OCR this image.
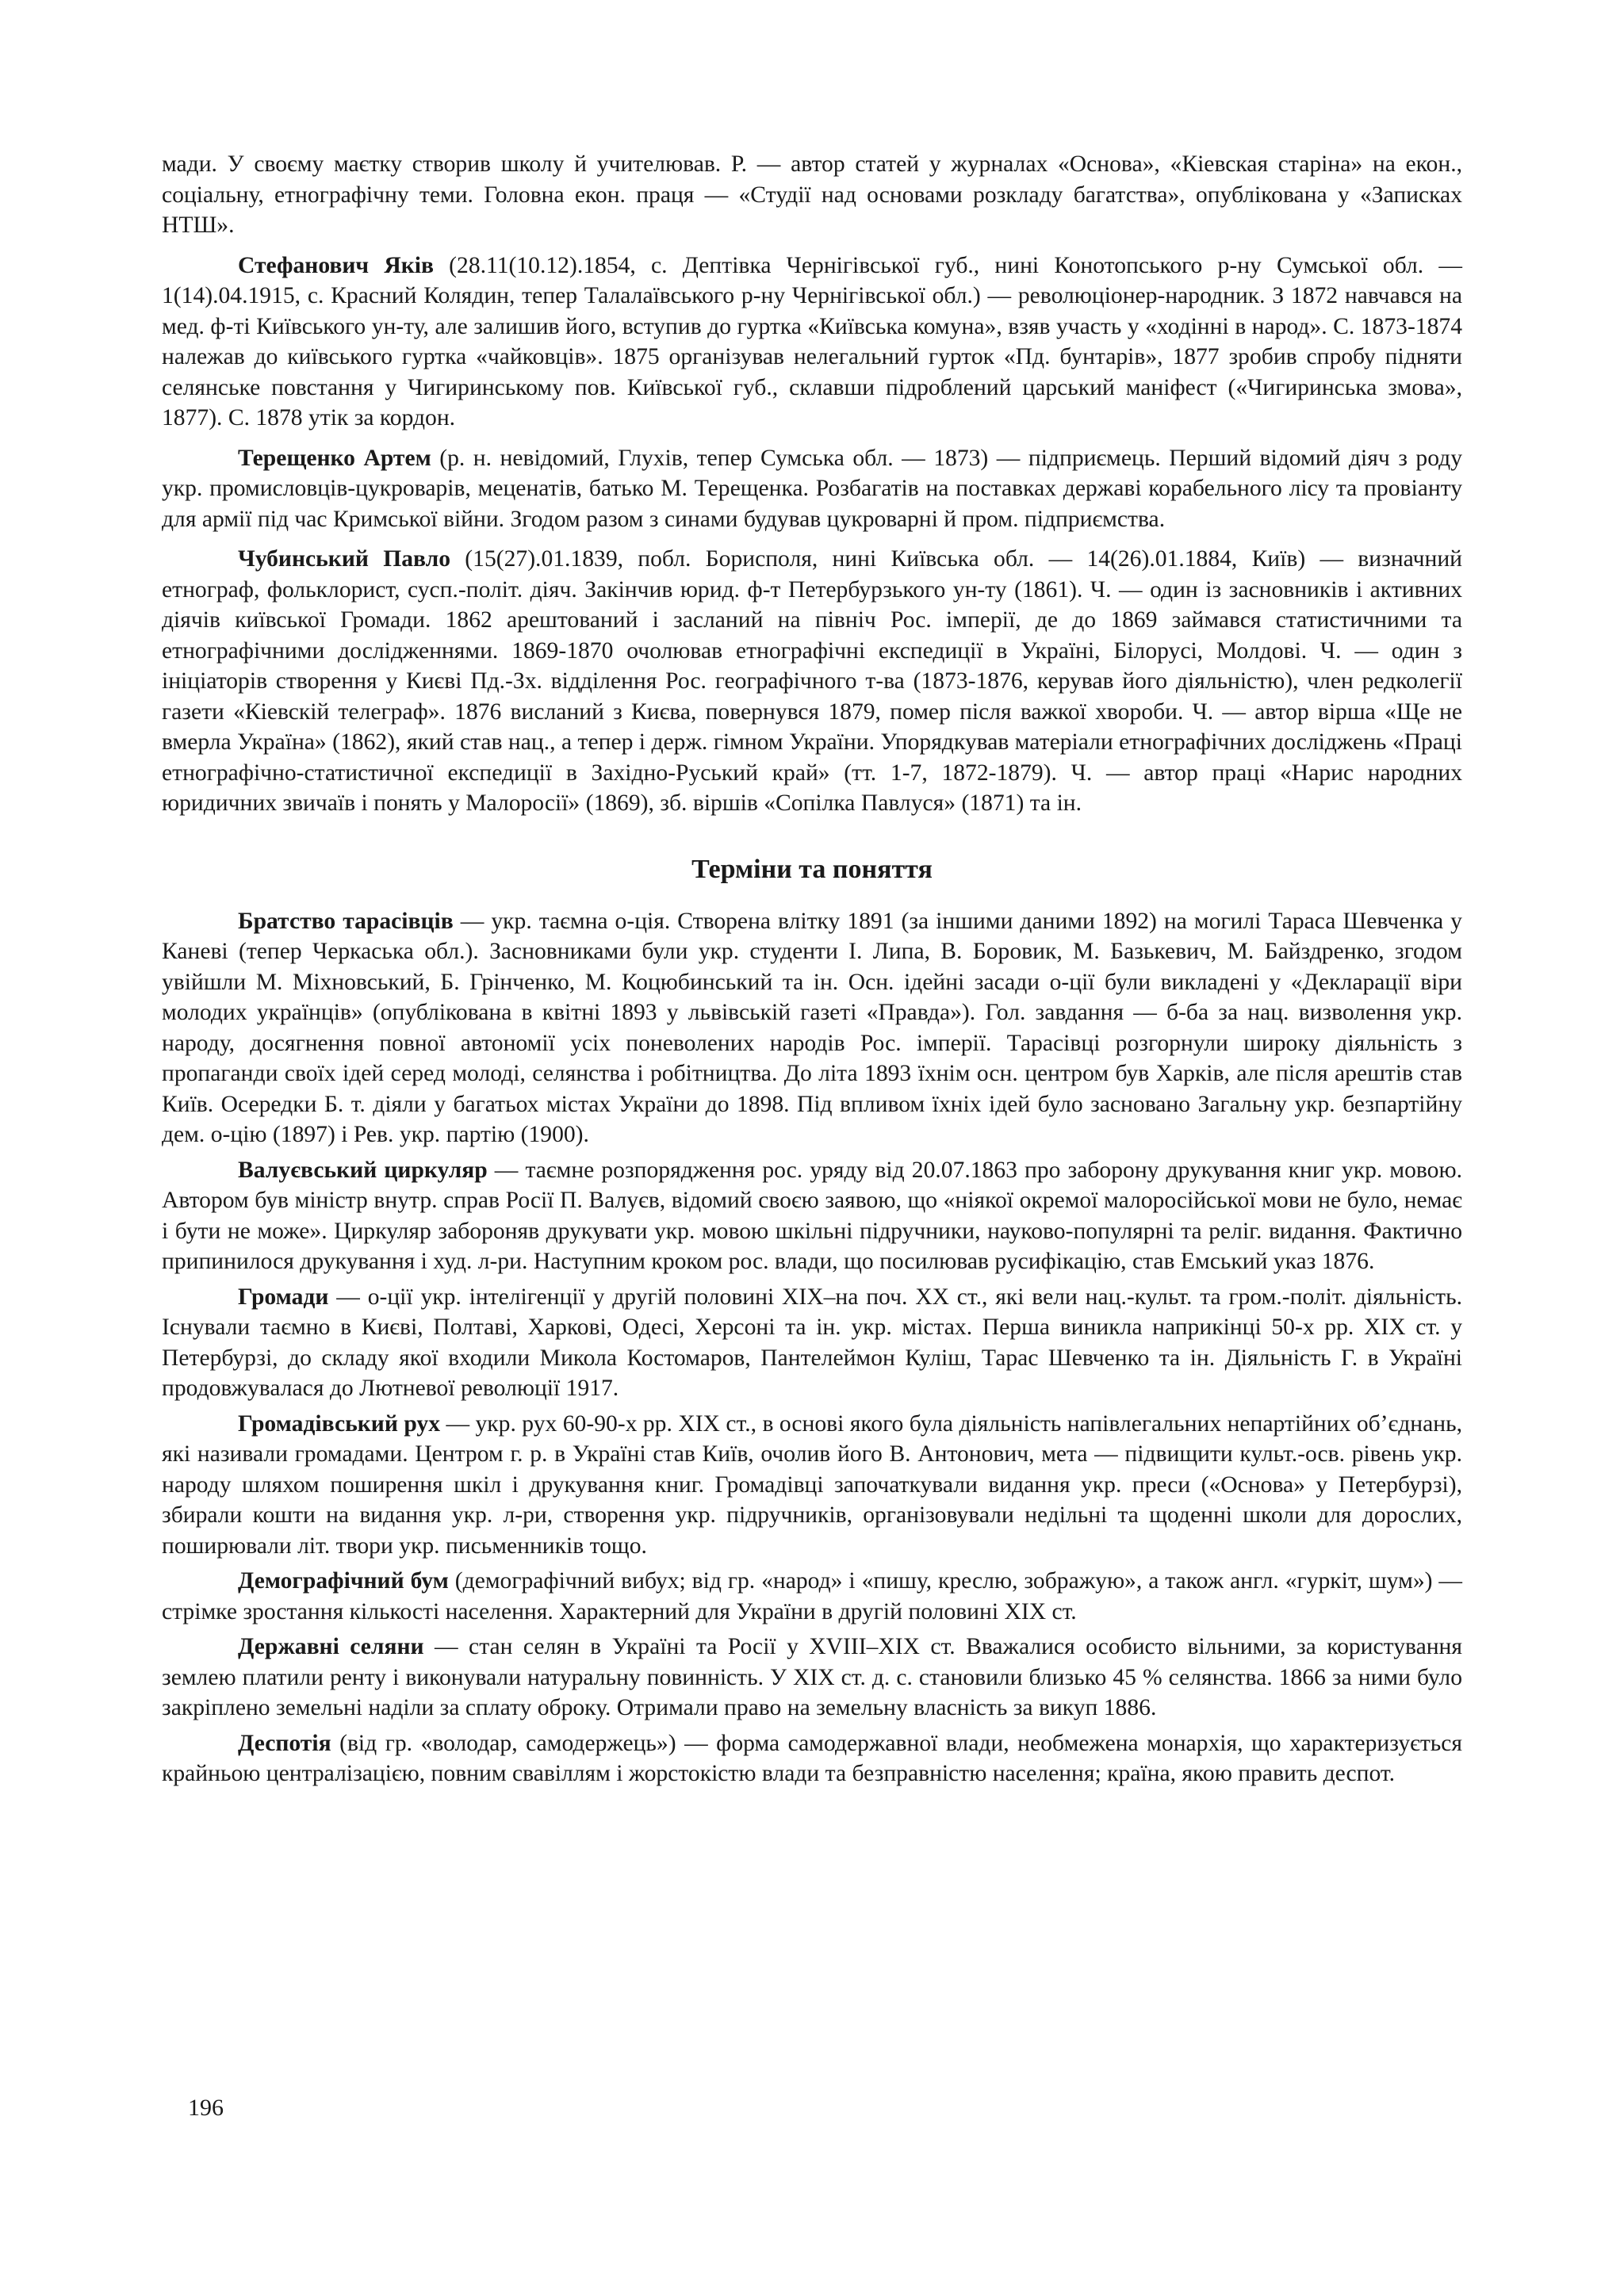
мади. У своєму маєтку створив школу й учителював. Р. — автор статей у журналах «Основа», «Кіевская старіна» на екон., соціальну, етнографічну теми. Головна екон. праця — «Студії над основами розкладу багатства», опублікована у «Записках НТШ».

Стефанович Яків (28.11(10.12).1854, с. Дептівка Чернігівської губ., нині Конотопського р-ну Сумської обл. — 1(14).04.1915, с. Красний Колядин, тепер Талалаївського р-ну Чернігівської обл.) — революціонер-народник. З 1872 навчався на мед. ф-ті Київського ун-ту, але залишив його, вступив до гуртка «Київська комуна», взяв участь у «ходінні в народ». С. 1873-1874 належав до київського гуртка «чайковців». 1875 організував нелегальний гурток «Пд. бунтарів», 1877 зробив спробу підняти селянське повстання у Чигиринському пов. Київської губ., склавши підроблений царський маніфест («Чигиринська змова», 1877). С. 1878 утік за кордон.

Терещенко Артем (р. н. невідомий, Глухів, тепер Сумська обл. — 1873) — підприємець. Перший відомий діяч з роду укр. промисловців-цукроварів, меценатів, батько М. Терещенка. Розбагатів на поставках державі корабельного лісу та провіанту для армії під час Кримської війни. Згодом разом з синами будував цукроварні й пром. підприємства.

Чубинський Павло (15(27).01.1839, побл. Борисполя, нині Київська обл. — 14(26).01.1884, Київ) — визначний етнограф, фольклорист, сусп.-політ. діяч. Закінчив юрид. ф-т Петербурзького ун-ту (1861). Ч. — один із засновників і активних діячів київської Громади. 1862 арештований і засланий на північ Рос. імперії, де до 1869 займався статистичними та етнографічними дослідженнями. 1869-1870 очолював етнографічні експедиції в Україні, Білорусі, Молдові. Ч. — один з ініціаторів створення у Києві Пд.-Зх. відділення Рос. географічного т-ва (1873-1876, керував його діяльністю), член редколегії газети «Кіевскій телеграф». 1876 висланий з Києва, повернувся 1879, помер після важкої хвороби. Ч. — автор вірша «Ще не вмерла Україна» (1862), який став нац., а тепер і держ. гімном України. Упорядкував матеріали етнографічних досліджень «Праці етнографічно-статистичної експедиції в Західно-Руський край» (тт. 1-7, 1872-1879). Ч. — автор праці «Нарис народних юридичних звичаїв і понять у Малоросії» (1869), зб. віршів «Сопілка Павлуся» (1871) та ін.

Терміни та поняття

Братство тарасівців — укр. таємна о-ція. Створена влітку 1891 (за іншими даними 1892) на могилі Тараса Шевченка у Каневі (тепер Черкаська обл.). Засновниками були укр. студенти І. Липа, В. Боровик, М. Базькевич, М. Байздренко, згодом увійшли М. Міхновський, Б. Грінченко, М. Коцюбинський та ін. Осн. ідейні засади о-ції були викладені у «Декларації віри молодих українців» (опублікована в квітні 1893 у львівській газеті «Правда»). Гол. завдання — б-ба за нац. визволення укр. народу, досягнення повної автономії усіх поневолених народів Рос. імперії. Тарасівці розгорнули широку діяльність з пропаганди своїх ідей серед молоді, селянства і робітництва. До літа 1893 їхнім осн. центром був Харків, але після арештів став Київ. Осередки Б. т. діяли у багатьох містах України до 1898. Під впливом їхніх ідей було засновано Загальну укр. безпартійну дем. о-цію (1897) і Рев. укр. партію (1900).

Валуєвський циркуляр — таємне розпорядження рос. уряду від 20.07.1863 про заборону друкування книг укр. мовою. Автором був міністр внутр. справ Росії П. Валуєв, відомий своєю заявою, що «ніякої окремої малоросійської мови не було, немає і бути не може». Циркуляр забороняв друкувати укр. мовою шкільні підручники, науково-популярні та реліг. видання. Фактично припинилося друкування і худ. л-ри. Наступним кроком рос. влади, що посилював русифікацію, став Емський указ 1876.

Громади — о-ції укр. інтелігенції у другій половині XIX–на поч. XX ст., які вели нац.-культ. та гром.-політ. діяльність. Існували таємно в Києві, Полтаві, Харкові, Одесі, Херсоні та ін. укр. містах. Перша виникла наприкінці 50-х рр. XIX ст. у Петербурзі, до складу якої входили Микола Костомаров, Пантелеймон Куліш, Тарас Шевченко та ін. Діяльність Г. в Україні продовжувалася до Лютневої революції 1917.

Громадівський рух — укр. рух 60-90-х рр. XIX ст., в основі якого була діяльність напівлегальних непартійних об’єднань, які називали громадами. Центром г. р. в Україні став Київ, очолив його В. Антонович, мета — підвищити культ.-осв. рівень укр. народу шляхом поширення шкіл і друкування книг. Громадівці започаткували видання укр. преси («Основа» у Петербурзі), збирали кошти на видання укр. л-ри, створення укр. підручників, організовували недільні та щоденні школи для дорослих, поширювали літ. твори укр. письменників тощо.

Демографічний бум (демографічний вибух; від гр. «народ» і «пишу, креслю, зображую», а також англ. «гуркіт, шум») — стрімке зростання кількості населення. Характерний для України в другій половині XIX ст.

Державні селяни — стан селян в Україні та Росії у XVIII–XIX ст. Вважалися особисто вільними, за користування землею платили ренту і виконували натуральну повинність. У XIX ст. д. с. становили близько 45 % селянства. 1866 за ними було закріплено земельні наділи за сплату оброку. Отримали право на земельну власність за викуп 1886.

Деспотія (від гр. «володар, самодержець») — форма самодержавної влади, необмежена монархія, що характеризується крайньою централізацією, повним свавіллям і жорстокістю влади та безправністю населення; країна, якою править деспот.

196
